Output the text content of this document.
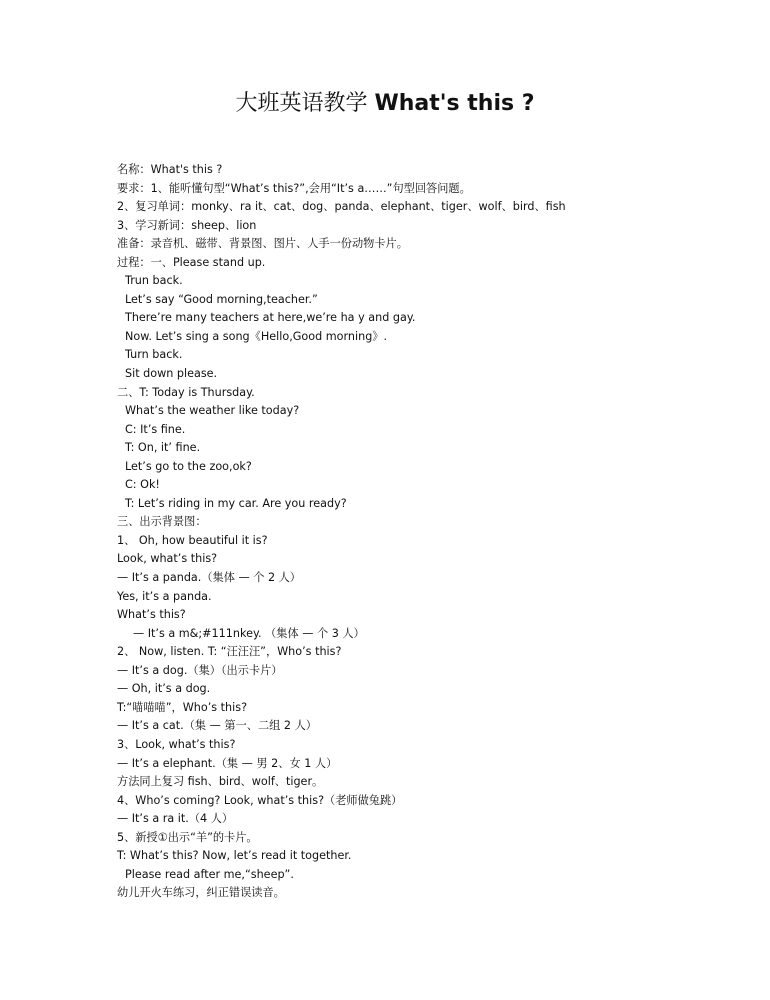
大班英语教学 What's this ?
名称：What's this ?
要求：1、能听懂句型“What’s this?”,会用“It’s a……”句型回答问题。
2、复习单词：monky、ra it、cat、dog、panda、elephant、tiger、wolf、bird、fish
3、学习新词：sheep、lion
准备：录音机、磁带、背景图、图片、人手一份动物卡片。
过程：一、Please stand up.
Trun back.
Let’s say “Good morning,teacher.”
There’re many teachers at here,we’re ha y and gay.
Now. Let’s sing a song《Hello,Good morning》.
Turn back.
Sit down please.
二、T: Today is Thursday.
What’s the weather like today?
C: It’s fine.
T: On, it’ fine.
Let’s go to the zoo,ok?
C: Ok!
T: Let’s riding in my car. Are you ready?
三、出示背景图：
1、 Oh, how beautiful it is?
Look, what’s this?
— It’s a panda.（集体 — 个 2 人）
Yes, it’s a panda.
What’s this?
— It’s a m&;#111nkey. （集体 — 个 3 人）
2、 Now, listen. T: “汪汪汪”，Who’s this?
— It’s a dog.（集）（出示卡片）
— Oh, it’s a dog.
T:“喵喵喵”，Who’s this?
— It’s a cat.（集 — 第一、二组 2 人）
3、Look, what’s this?
— It’s a elephant.（集 — 男 2、女 1 人）
方法同上复习 fish、bird、wolf、tiger。
4、Who’s coming? Look, what’s this?（老师做兔跳）
— It’s a ra it.（4 人）
5、新授①出示“羊”的卡片。
T: What’s this? Now, let’s read it together.
Please read after me,“sheep”.
幼儿开火车练习，纠正错误读音。
